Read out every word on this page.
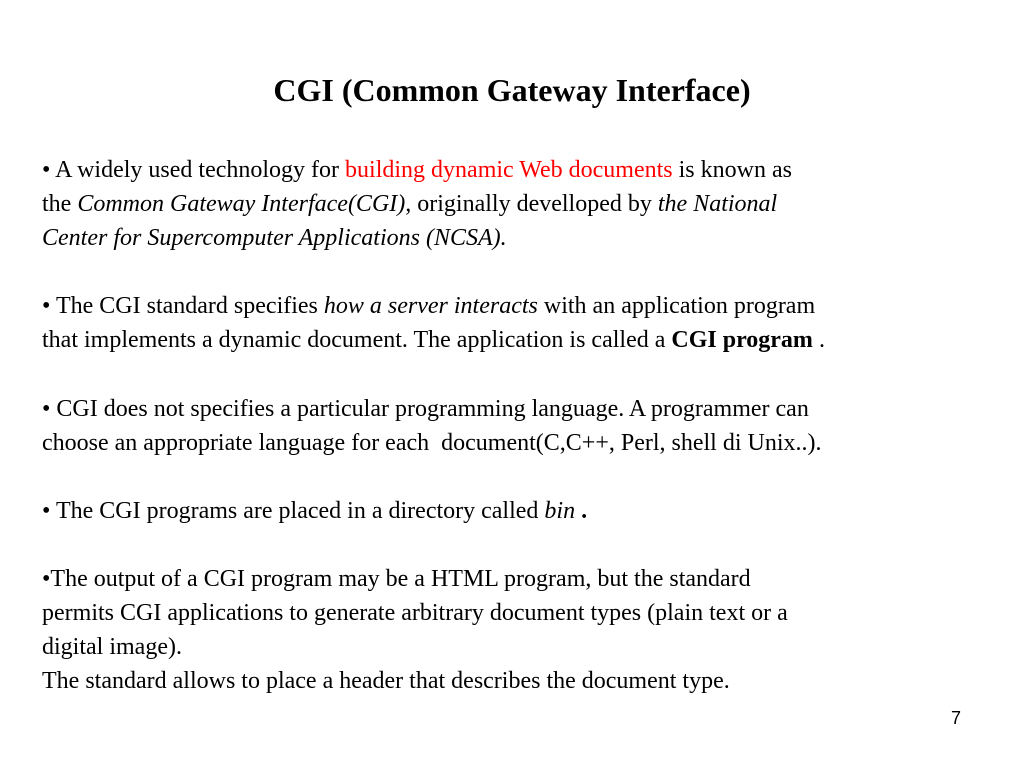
CGI (Common Gateway Interface)
• A widely used technology for building dynamic Web documents is known as
the Common Gateway Interface(CGI), originally develloped by the National
Center for Supercomputer Applications (NCSA).
• The CGI standard specifies how a server interacts with an application program
that implements a dynamic document. The application is called a CGI program .
• CGI does not specifies a particular programming language. A programmer can
choose an appropriate language for each  document(C,C++, Perl, shell di Unix..).
• The CGI programs are placed in a directory called bin .
•The output of a CGI program may be a HTML program, but the standard
permits CGI applications to generate arbitrary document types (plain text or a
digital image).
The standard allows to place a header that describes the document type.
7
